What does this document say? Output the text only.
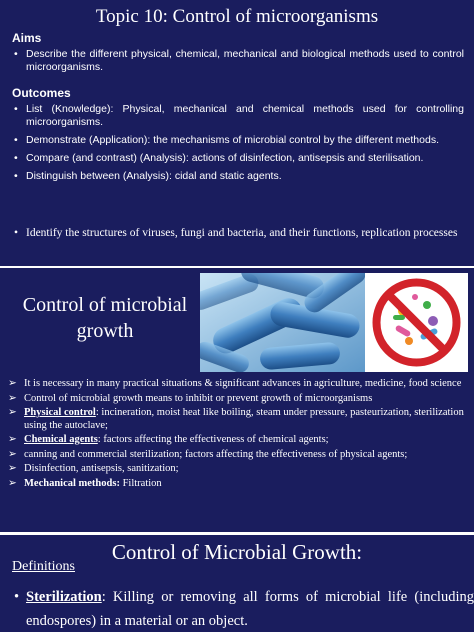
Topic 10: Control of microorganisms
Aims
• Describe the different physical, chemical, mechanical and biological methods used to control microorganisms.
Outcomes
• List (Knowledge): Physical, mechanical and chemical methods used for controlling microorganisms.
• Demonstrate (Application): the mechanisms of microbial control by the different methods.
• Compare (and contrast) (Analysis): actions of disinfection, antisepsis and sterilisation.
• Distinguish between (Analysis): cidal and static agents.
• Identify the structures of viruses, fungi and bacteria, and their functions, replication processes
Control of microbial growth
➢ It is necessary in many practical situations & significant advances in agriculture, medicine, food science
➢ Control of microbial growth means to inhibit or prevent growth of microorganisms
➢ Physical control: incineration, moist heat like boiling, steam under pressure, pasteurization, sterilization using the autoclave;
➢ Chemical agents: factors affecting the effectiveness of chemical agents;
➢ canning and commercial sterilization; factors affecting the effectiveness of physical agents;
➢ Disinfection, antisepsis, sanitization;
➢ Mechanical methods: Filtration
Control of Microbial Growth:
Definitions
• Sterilization: Killing or removing all forms of microbial life (including endospores) in a material or an object.
